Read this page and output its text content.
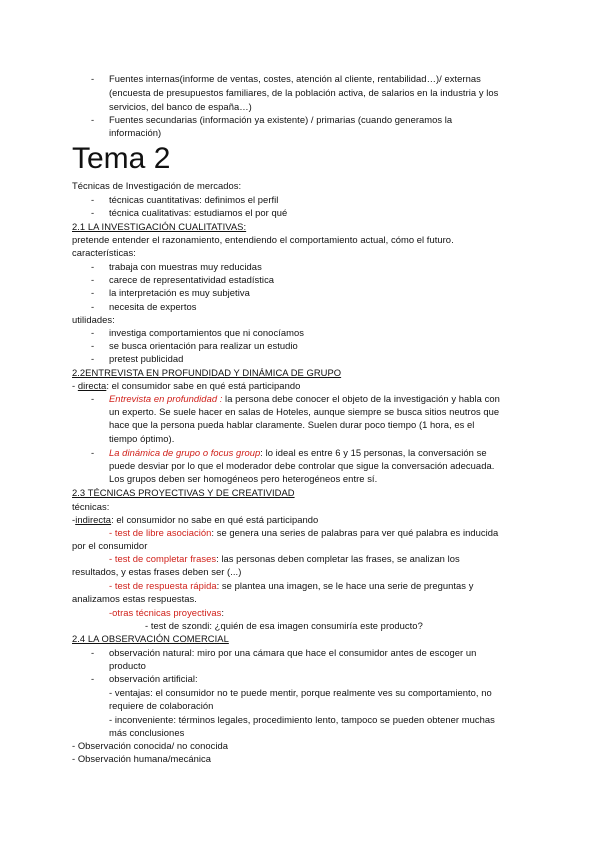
- Fuentes internas(informe de ventas, costes, atención al cliente, rentabilidad…)/ externas
(encuesta de presupuestos familiares, de la población activa, de salarios en la industria y los
servicios, del banco de españa…)
- Fuentes secundarias (información ya existente) / primarias (cuando generamos la
información)
Tema 2
Técnicas de Investigación de mercados:
- técnicas cuantitativas: definimos el perfil
- técnica cualitativas: estudiamos el por qué
2.1 LA INVESTIGACIÓN CUALITATIVAS:
pretende entender el razonamiento, entendiendo el comportamiento actual, cómo el futuro.
características:
- trabaja con muestras muy reducidas
- carece de representatividad estadística
- la interpretación es muy subjetiva
- necesita de expertos
utilidades:
- investiga comportamientos que ni conocíamos
- se busca orientación para realizar un estudio
- pretest publicidad
2.2ENTREVISTA EN PROFUNDIDAD Y DINÁMICA DE GRUPO
- directa: el consumidor sabe en qué está participando
- Entrevista en profundidad : la persona debe conocer el objeto de la investigación y habla con
un experto. Se suele hacer en salas de Hoteles, aunque siempre se busca sitios neutros que
hace que la persona pueda hablar claramente. Suelen durar poco tiempo (1 hora, es el
tiempo óptimo).
- La dinámica de grupo o focus group: lo ideal es entre 6 y 15 personas, la conversación se
puede desviar por lo que el moderador debe controlar que sigue la conversación adecuada.
Los grupos deben ser homogéneos pero heterogéneos entre sí.
2.3 TÉCNICAS PROYECTIVAS Y DE CREATIVIDAD
técnicas:
-indirecta: el consumidor no sabe en qué está participando
- test de libre asociación: se genera una series de palabras para ver qué palabra es inducida
por el consumidor
- test de completar frases: las personas deben completar las frases, se analizan los
resultados, y estas frases deben ser (...)
- test de respuesta rápida: se plantea una imagen, se le hace una serie de preguntas y
analizamos estas respuestas.
-otras técnicas proyectivas:
- test de szondi: ¿quién de esa imagen consumiría este producto?
2.4 LA OBSERVACIÓN COMERCIAL
- observación natural: miro por una cámara que hace el consumidor antes de escoger un
producto
- observación artificial:
- ventajas: el consumidor no te puede mentir, porque realmente ves su comportamiento, no
requiere de colaboración
- inconveniente: términos legales, procedimiento lento, tampoco se pueden obtener muchas
más conclusiones
- Observación conocida/ no conocida
- Observación humana/mecánica
